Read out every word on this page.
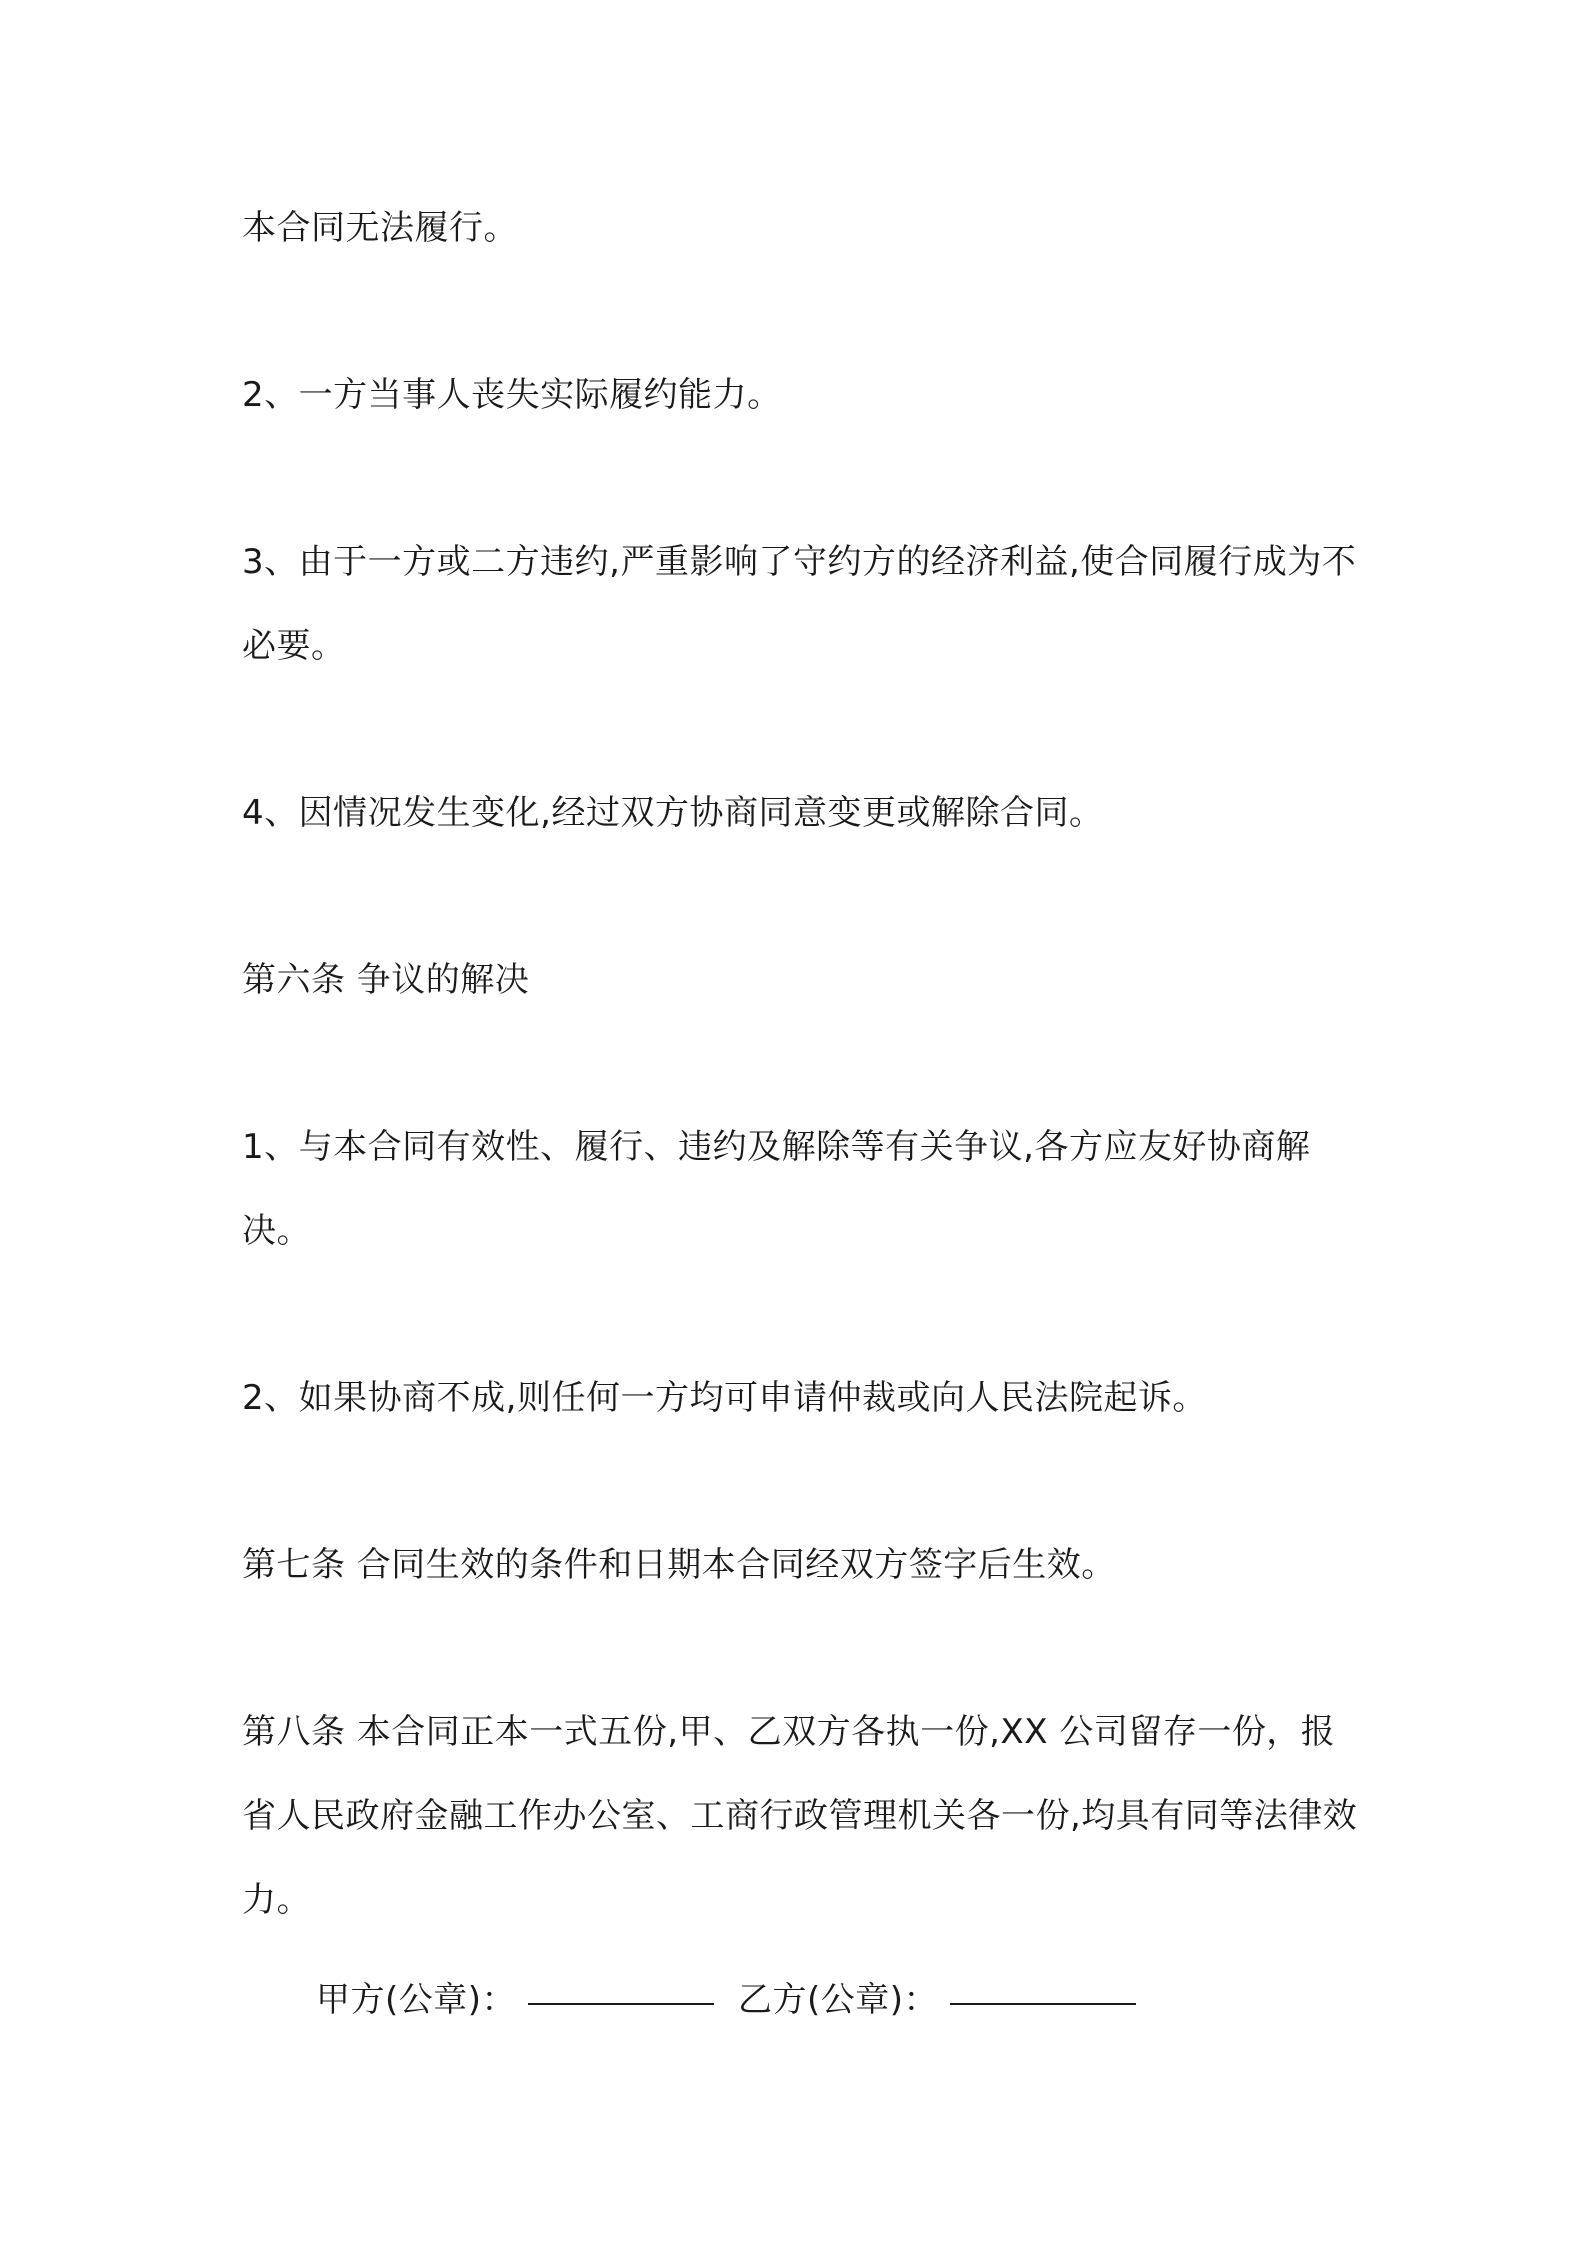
本合同无法履行。

2、一方当事人丧失实际履约能力。

3、由于一方或二方违约,严重影响了守约方的经济利益,使合同履行成为不必要。

4、因情况发生变化,经过双方协商同意变更或解除合同。

第六条 争议的解决

1、与本合同有效性、履行、违约及解除等有关争议,各方应友好协商解决。

2、如果协商不成,则任何一方均可申请仲裁或向人民法院起诉。

第七条 合同生效的条件和日期本合同经双方签字后生效。

第八条 本合同正本一式五份,甲、乙双方各执一份,XX 公司留存一份，报省人民政府金融工作办公室、工商行政管理机关各一份,均具有同等法律效力。

甲方(公章)：	乙方(公章)：
